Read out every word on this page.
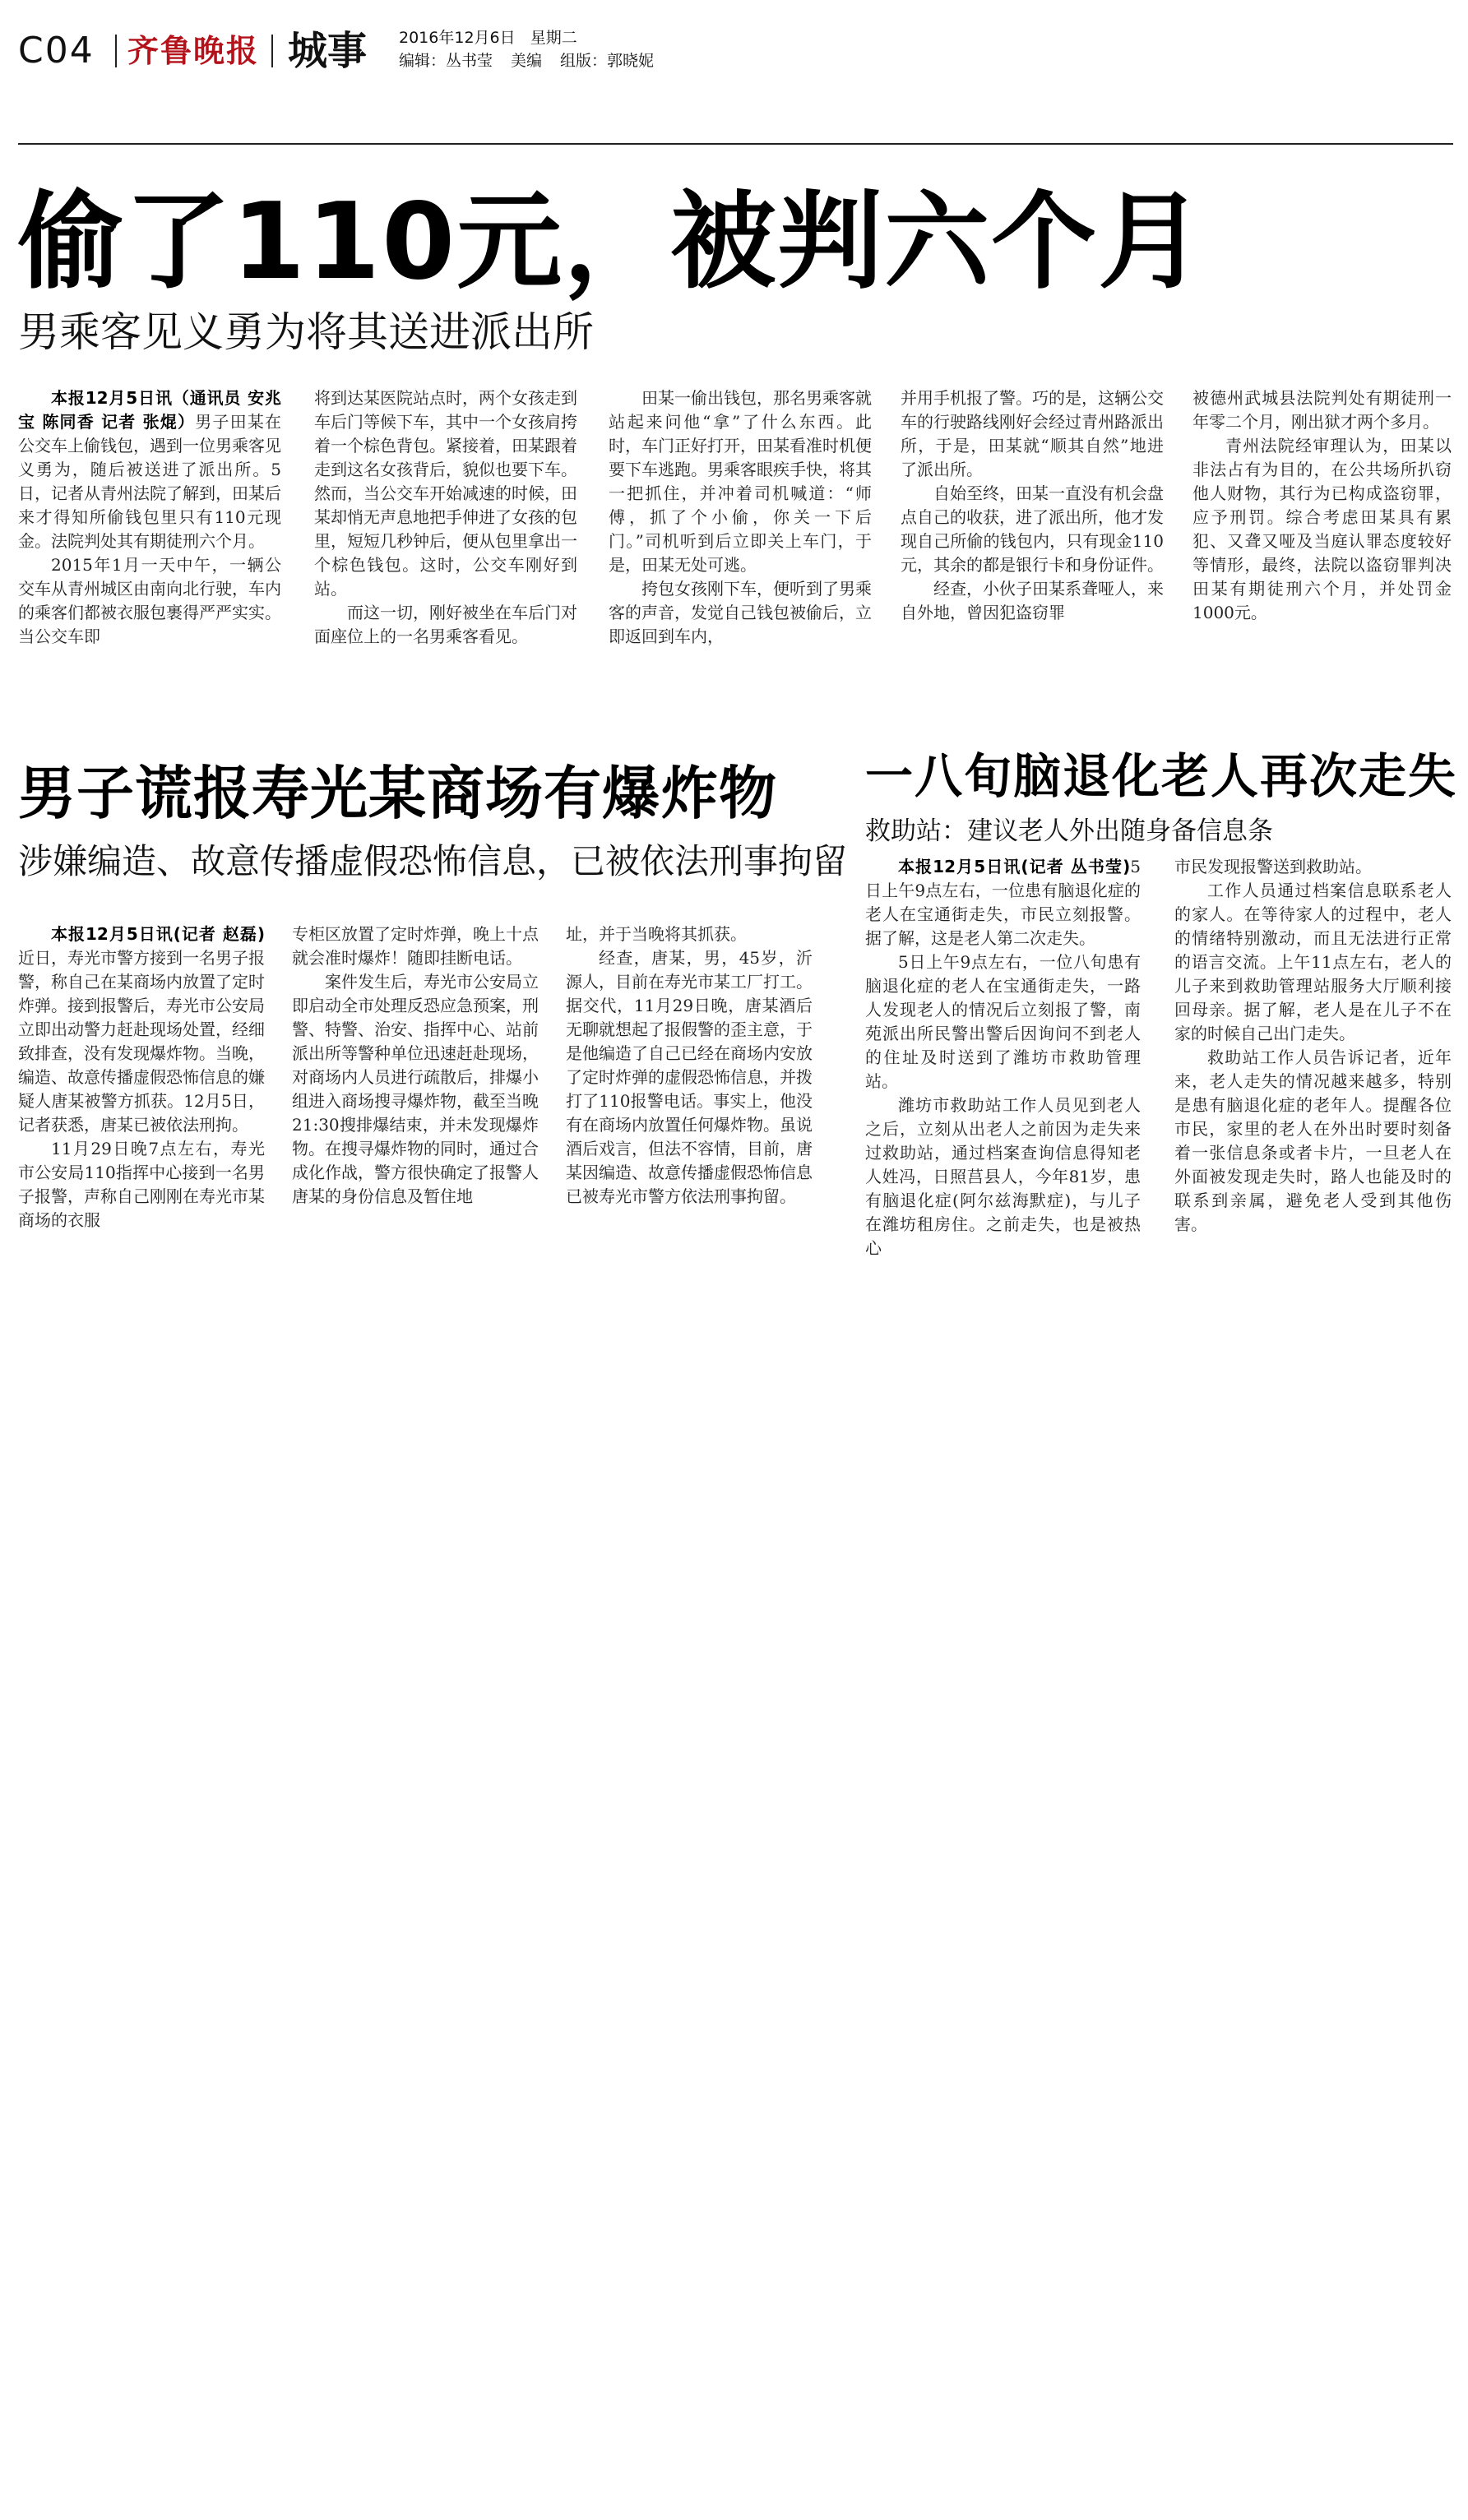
C04 齐鲁晚报 城事 2016年12月6日 星期二
编辑：丛书莹 美编 组版：郭晓妮
偷了110元，被判六个月
男乘客见义勇为将其送进派出所

本报12月5日讯（通讯员 安兆宝 陈同香 记者 张焜）男子田某在公交车上偷钱包，遇到一位男乘客见义勇为，随后被送进了派出所。5日，记者从青州法院了解到，田某后来才得知所偷钱包里只有110元现金。法院判处其有期徒刑六个月。

2015年1月一天中午，一辆公交车从青州城区由南向北行驶，车内的乘客们都被衣服包裹得严严实实。当公交车即

将到达某医院站点时，两个女孩走到车后门等候下车，其中一个女孩肩挎着一个棕色背包。紧接着，田某跟着走到这名女孩背后，貌似也要下车。然而，当公交车开始减速的时候，田某却悄无声息地把手伸进了女孩的包里，短短几秒钟后，便从包里拿出一个棕色钱包。这时，公交车刚好到站。

而这一切，刚好被坐在车后门对面座位上的一名男乘客看见。

田某一偷出钱包，那名男乘客就站起来问他“拿”了什么东西。此时，车门正好打开，田某看准时机便要下车逃跑。男乘客眼疾手快，将其一把抓住，并冲着司机喊道：“师傅，抓了个小偷，你关一下后门。”司机听到后立即关上车门，于是，田某无处可逃。

挎包女孩刚下车，便听到了男乘客的声音，发觉自己钱包被偷后，立即返回到车内，

并用手机报了警。巧的是，这辆公交车的行驶路线刚好会经过青州路派出所，于是，田某就“顺其自然”地进了派出所。

自始至终，田某一直没有机会盘点自己的收获，进了派出所，他才发现自己所偷的钱包内，只有现金110元，其余的都是银行卡和身份证件。

经查，小伙子田某系聋哑人，来自外地，曾因犯盗窃罪

被德州武城县法院判处有期徒刑一年零二个月，刚出狱才两个多月。

青州法院经审理认为，田某以非法占有为目的，在公共场所扒窃他人财物，其行为已构成盗窃罪，应予刑罚。综合考虑田某具有累犯、又聋又哑及当庭认罪态度较好等情形，最终，法院以盗窃罪判决田某有期徒刑六个月，并处罚金1000元。

男子谎报寿光某商场有爆炸物
涉嫌编造、故意传播虚假恐怖信息，已被依法刑事拘留

本报12月5日讯(记者 赵磊)近日，寿光市警方接到一名男子报警，称自己在某商场内放置了定时炸弹。接到报警后，寿光市公安局立即出动警力赶赴现场处置，经细致排查，没有发现爆炸物。当晚，编造、故意传播虚假恐怖信息的嫌疑人唐某被警方抓获。12月5日，记者获悉，唐某已被依法刑拘。

11月29日晚7点左右，寿光市公安局110指挥中心接到一名男子报警，声称自己刚刚在寿光市某商场的衣服

专柜区放置了定时炸弹，晚上十点就会准时爆炸！随即挂断电话。

案件发生后，寿光市公安局立即启动全市处理反恐应急预案，刑警、特警、治安、指挥中心、站前派出所等警种单位迅速赶赴现场，对商场内人员进行疏散后，排爆小组进入商场搜寻爆炸物，截至当晚21:30搜排爆结束，并未发现爆炸物。在搜寻爆炸物的同时，通过合成化作战，警方很快确定了报警人唐某的身份信息及暂住地

址，并于当晚将其抓获。

经查，唐某，男，45岁，沂源人，目前在寿光市某工厂打工。据交代，11月29日晚，唐某酒后无聊就想起了报假警的歪主意，于是他编造了自己已经在商场内安放了定时炸弹的虚假恐怖信息，并拨打了110报警电话。事实上，他没有在商场内放置任何爆炸物。虽说酒后戏言，但法不容情，目前，唐某因编造、故意传播虚假恐怖信息已被寿光市警方依法刑事拘留。

一八旬脑退化老人再次走失
救助站：建议老人外出随身备信息条

本报12月5日讯(记者 丛书莹)5日上午9点左右，一位患有脑退化症的老人在宝通街走失，市民立刻报警。据了解，这是老人第二次走失。

5日上午9点左右，一位八旬患有脑退化症的老人在宝通街走失，一路人发现老人的情况后立刻报了警，南苑派出所民警出警后因询问不到老人的住址及时送到了潍坊市救助管理站。

潍坊市救助站工作人员见到老人之后，立刻从出老人之前因为走失来过救助站，通过档案查询信息得知老人姓冯，日照莒县人，今年81岁，患有脑退化症(阿尔兹海默症)，与儿子在潍坊租房住。之前走失，也是被热心

市民发现报警送到救助站。

工作人员通过档案信息联系老人的家人。在等待家人的过程中，老人的情绪特别激动，而且无法进行正常的语言交流。上午11点左右，老人的儿子来到救助管理站服务大厅顺利接回母亲。据了解，老人是在儿子不在家的时候自己出门走失。

救助站工作人员告诉记者，近年来，老人走失的情况越来越多，特别是患有脑退化症的老年人。提醒各位市民，家里的老人在外出时要时刻备着一张信息条或者卡片，一旦老人在外面被发现走失时，路人也能及时的联系到亲属，避免老人受到其他伤害。
